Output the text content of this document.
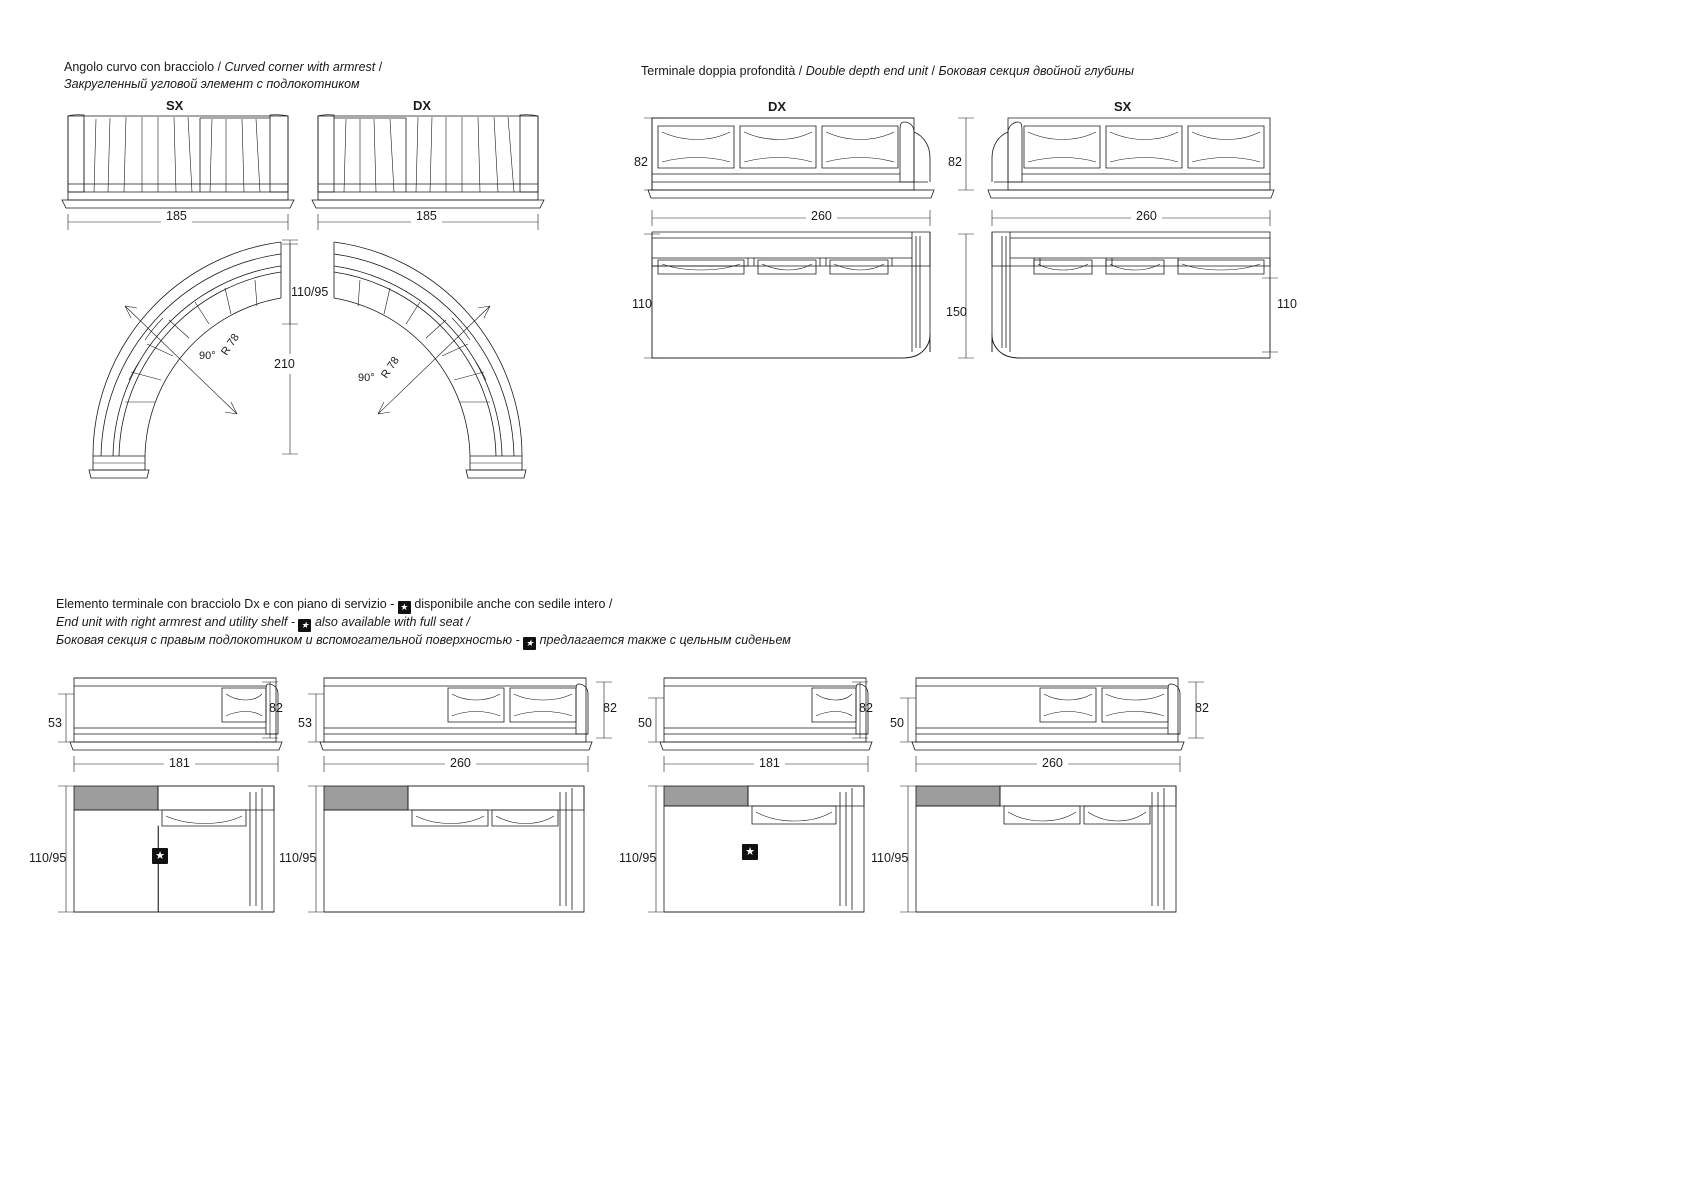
Angolo curvo con bracciolo / Curved corner with armrest /
Закругленный угловой элемент с подлокотником
SX	DX
185	185
90° R 78
90° R 78
210
110/95
Terminale doppia profondità / Double depth end unit / Боковая секция двойной глубины
DX	SX
82
260
82
260
110
150
110
Elemento terminale con bracciolo Dx e con piano di servizio - ★ disponibile anche con sedile intero /
End unit with right armrest and utility shelf - ★ also available with full seat /
Боковая секция с правым подлокотником и вспомогательной поверхностью - ★ предлагается также с цельным сиденьем
53
82
181
★
110/95
53
82
260
110/95
50
82
181
★
110/95
50
82
260
110/95
